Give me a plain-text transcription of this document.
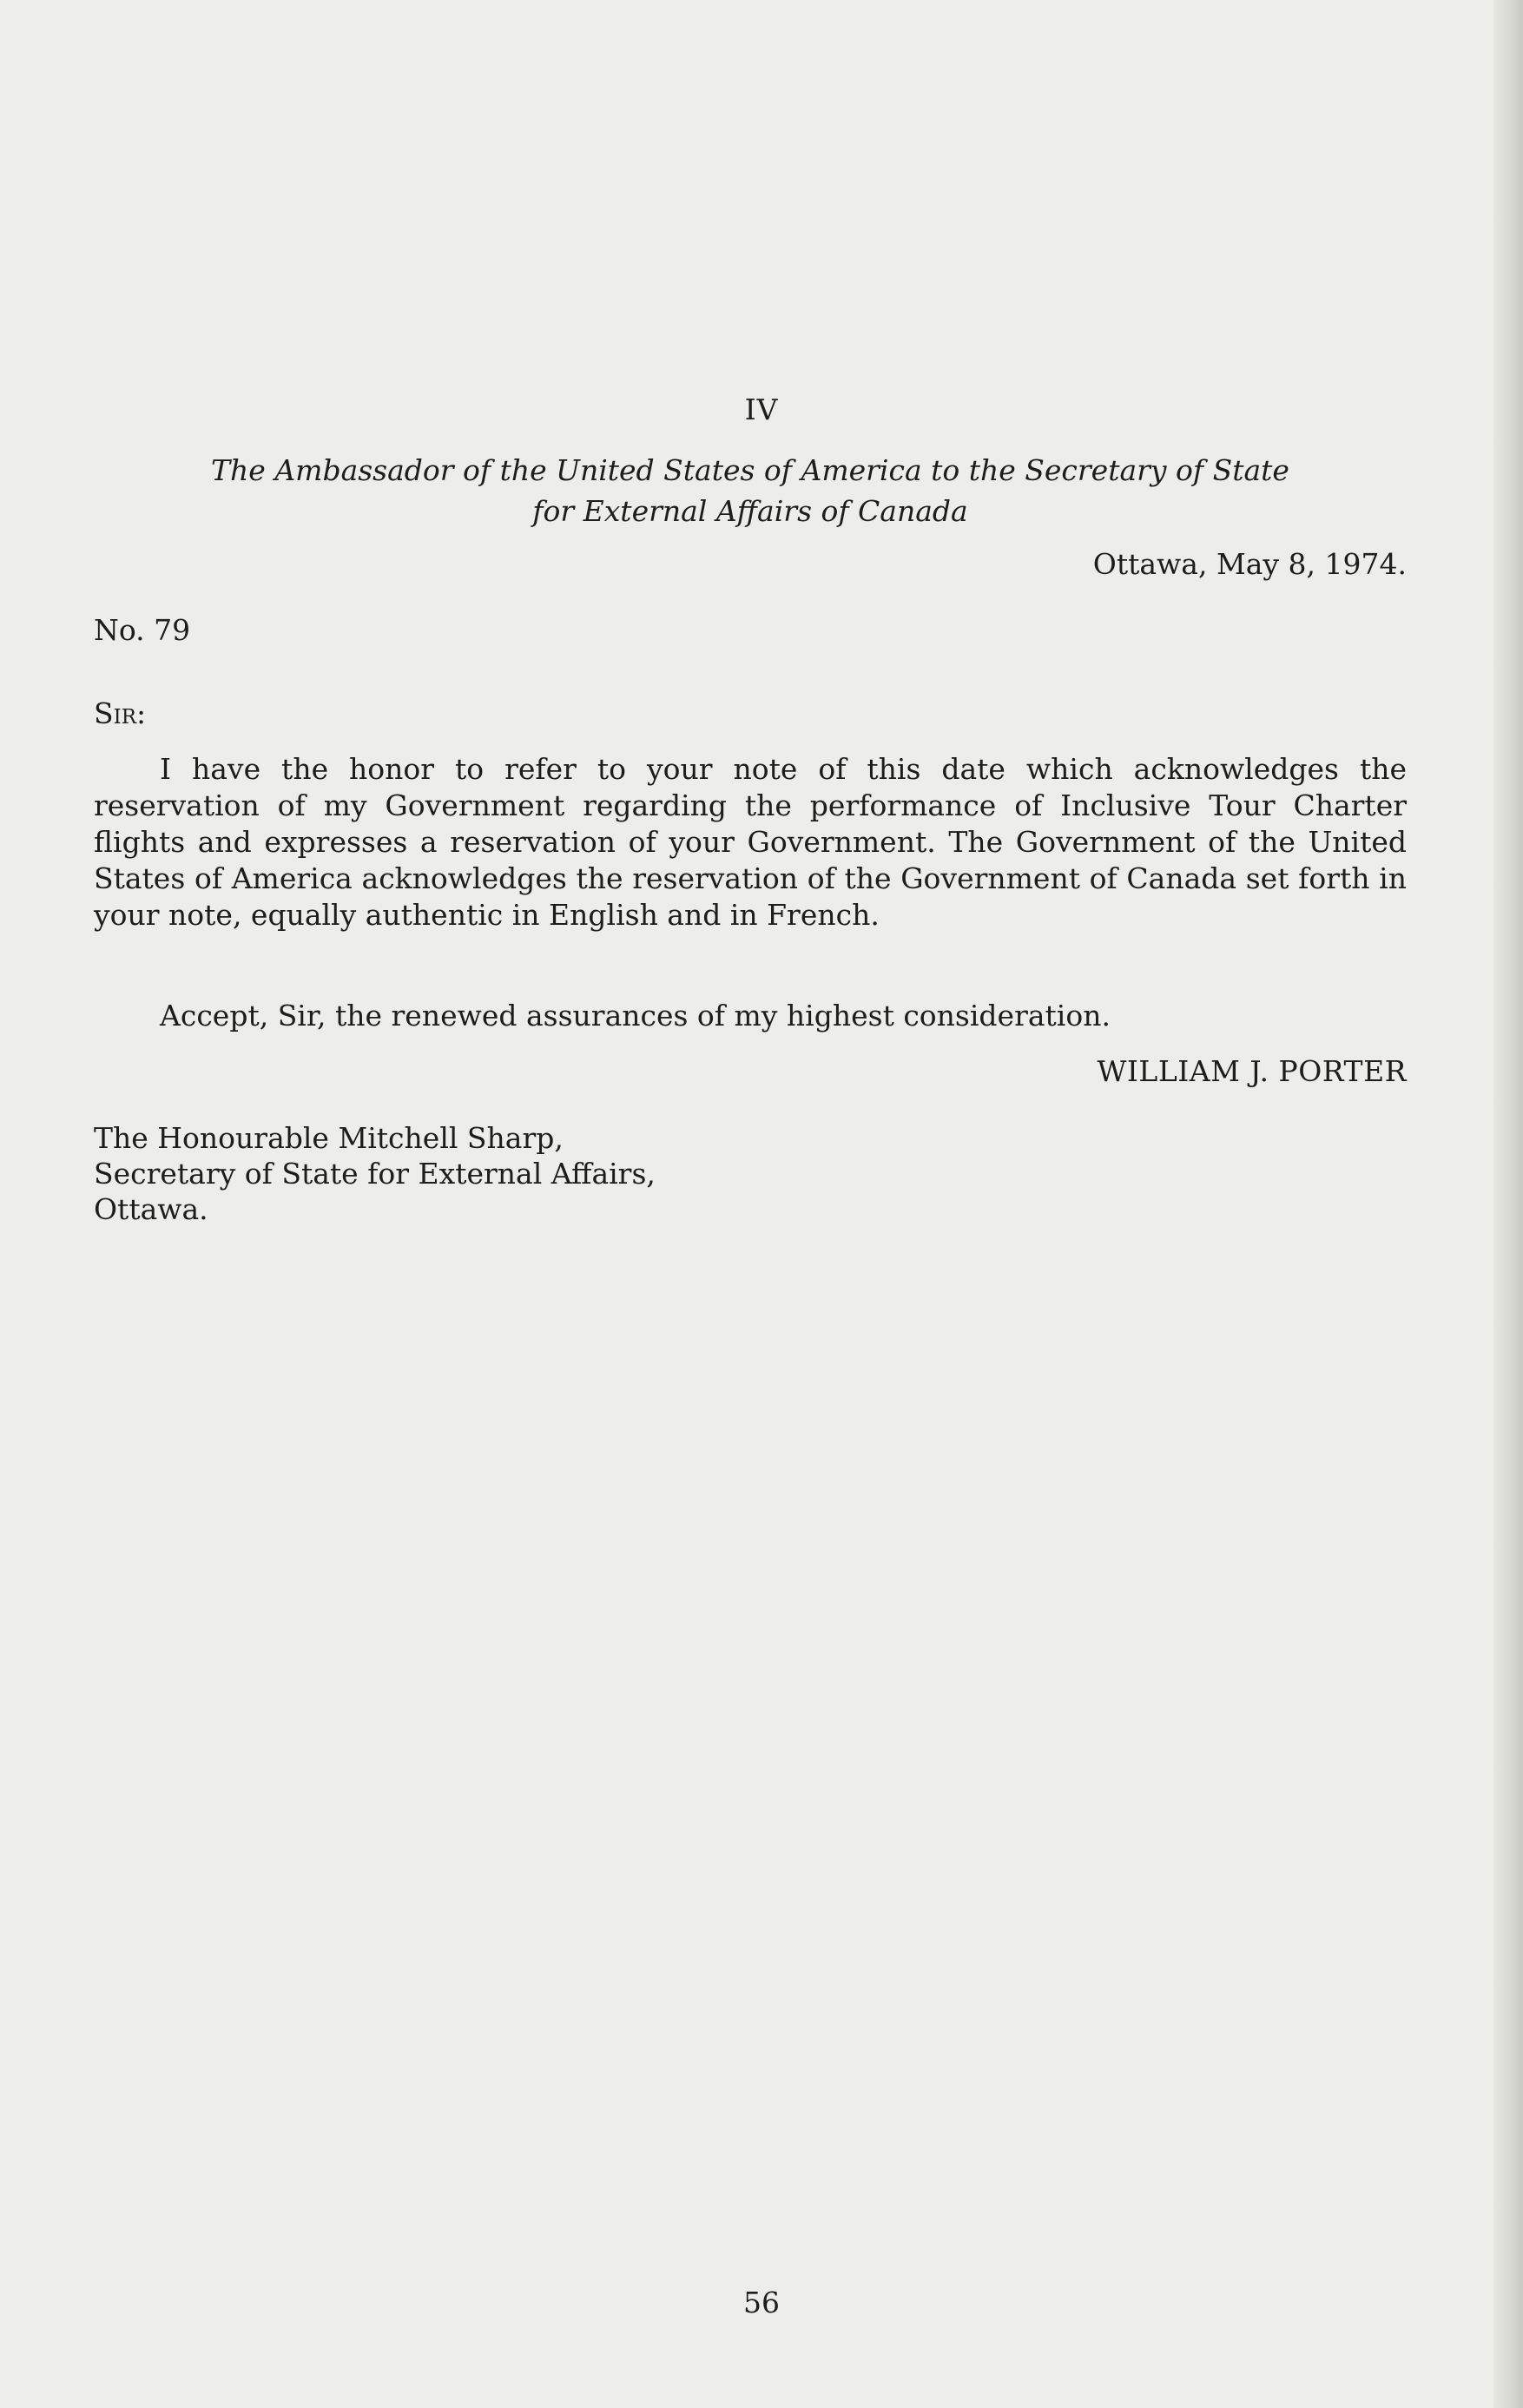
IV
The Ambassador of the United States of America to the Secretary of State
for External Affairs of Canada
Ottawa, May 8, 1974.
No. 79
Sir:
I have the honor to refer to your note of this date which acknowledges the reservation of my Government regarding the performance of Inclusive Tour Charter flights and expresses a reservation of your Government. The Government of the United States of America acknowledges the reservation of the Government of Canada set forth in your note, equally authentic in English and in French.
Accept, Sir, the renewed assurances of my highest consideration.
WILLIAM J. PORTER
The Honourable Mitchell Sharp,
Secretary of State for External Affairs,
Ottawa.
56
